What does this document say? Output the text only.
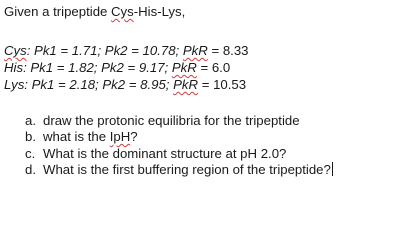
Given a tripeptide Cys-His-Lys,
Cys: Pk1 = 1.71; Pk2 = 10.78; PkR = 8.33
His: Pk1 = 1.82; Pk2 = 9.17; PkR = 6.0
Lys: Pk1 = 2.18; Pk2 = 8.95; PkR = 10.53
a. draw the protonic equilibria for the tripeptide
b. what is the IpH?
c. What is the dominant structure at pH 2.0?
d. What is the first buffering region of the tripeptide?
